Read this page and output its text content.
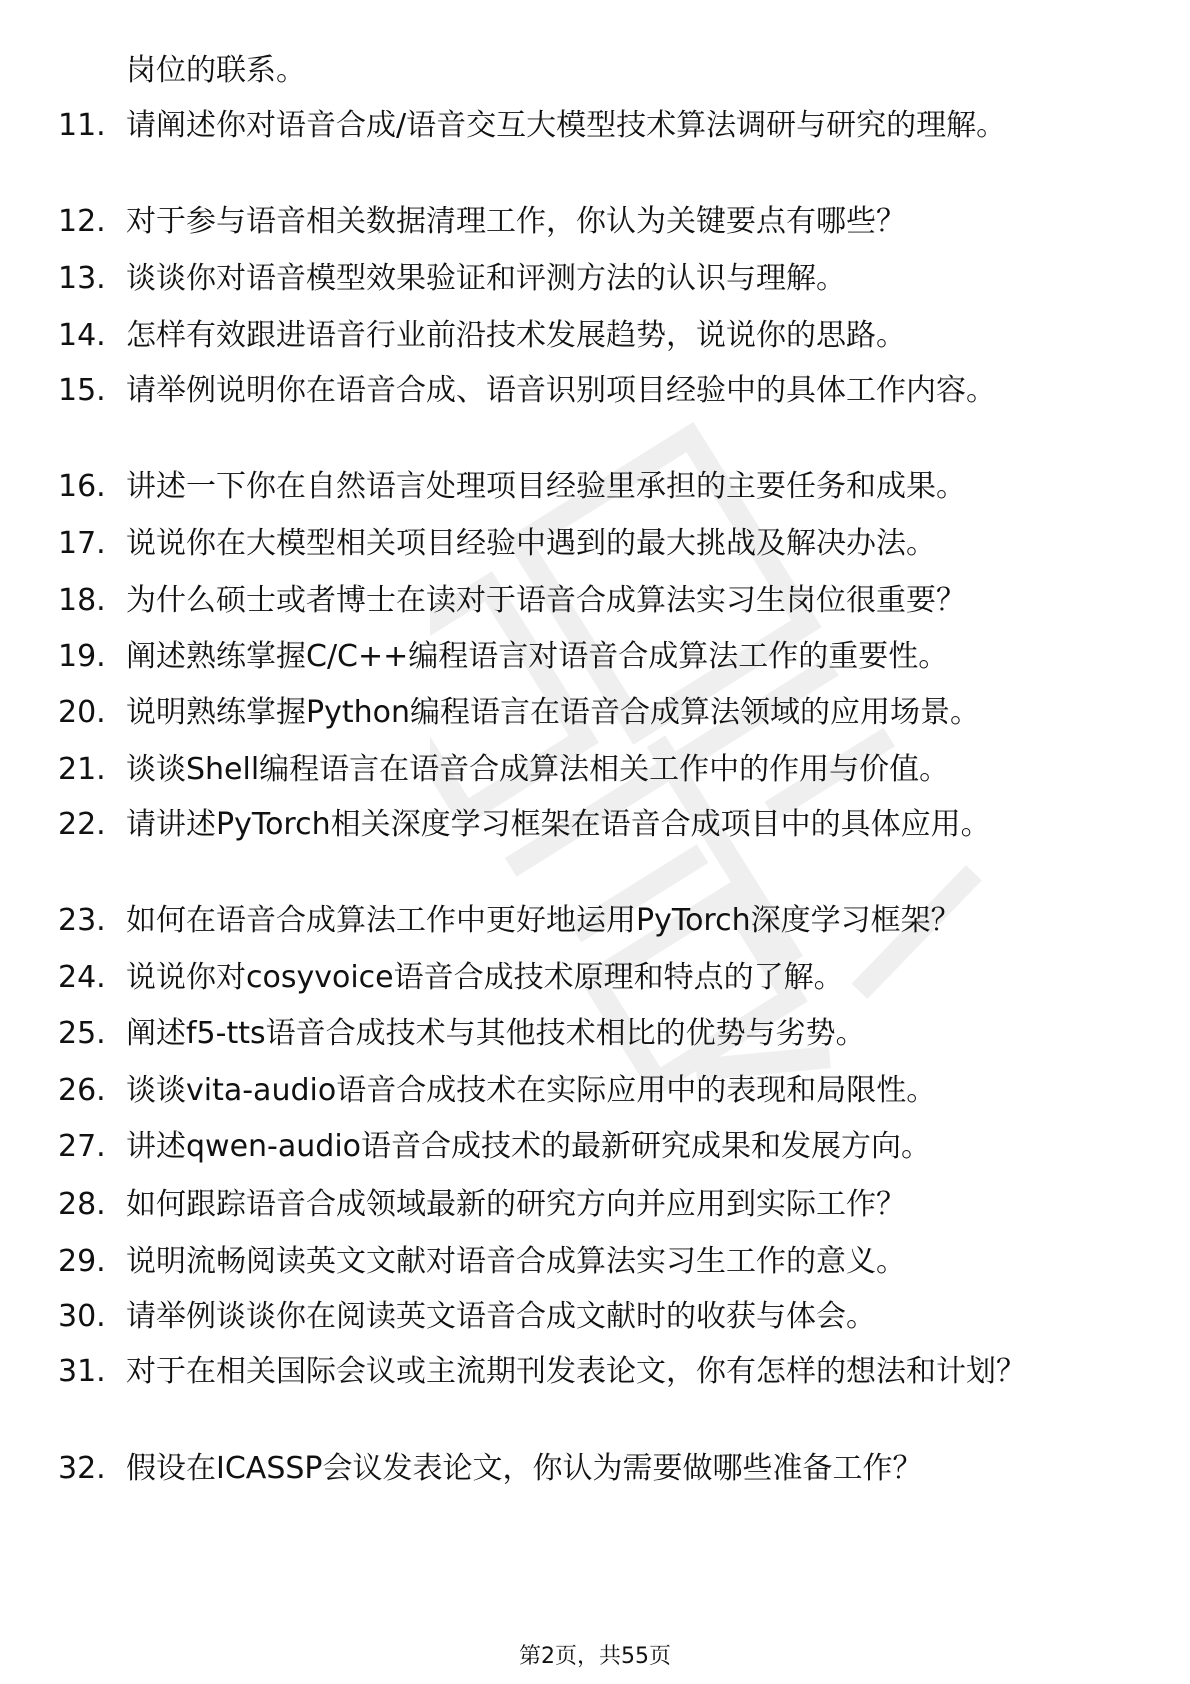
岗位的联系。
11. 请阐述你对语音合成/语音交互大模型技术算法调研与研究的理解。
12. 对于参与语音相关数据清理工作，你认为关键要点有哪些？
13. 谈谈你对语音模型效果验证和评测方法的认识与理解。
14. 怎样有效跟进语音行业前沿技术发展趋势，说说你的思路。
15. 请举例说明你在语音合成、语音识别项目经验中的具体工作内容。
16. 讲述一下你在自然语言处理项目经验里承担的主要任务和成果。
17. 说说你在大模型相关项目经验中遇到的最大挑战及解决办法。
18. 为什么硕士或者博士在读对于语音合成算法实习生岗位很重要？
19. 阐述熟练掌握C/C++编程语言对语音合成算法工作的重要性。
20. 说明熟练掌握Python编程语言在语音合成算法领域的应用场景。
21. 谈谈Shell编程语言在语音合成算法相关工作中的作用与价值。
22. 请讲述PyTorch相关深度学习框架在语音合成项目中的具体应用。
23. 如何在语音合成算法工作中更好地运用PyTorch深度学习框架？
24. 说说你对cosyvoice语音合成技术原理和特点的了解。
25. 阐述f5-tts语音合成技术与其他技术相比的优势与劣势。
26. 谈谈vita-audio语音合成技术在实际应用中的表现和局限性。
27. 讲述qwen-audio语音合成技术的最新研究成果和发展方向。
28. 如何跟踪语音合成领域最新的研究方向并应用到实际工作？
29. 说明流畅阅读英文文献对语音合成算法实习生工作的意义。
30. 请举例谈谈你在阅读英文语音合成文献时的收获与体会。
31. 对于在相关国际会议或主流期刊发表论文，你有怎样的想法和计划？
32. 假设在ICASSP会议发表论文，你认为需要做哪些准备工作？
第2页，共55页
